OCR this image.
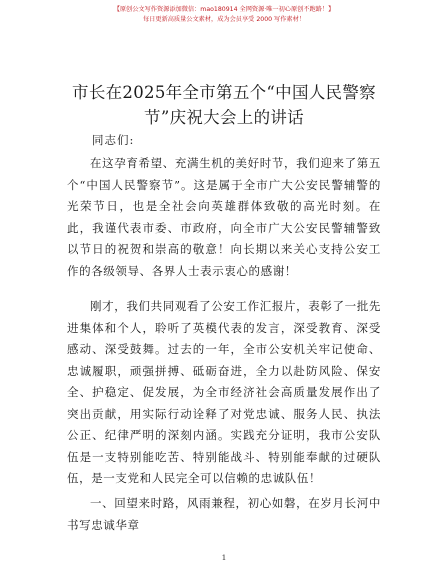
【原创公文写作资源添加微信：mao180914 全网资源·唯一初心原创不跑路！】
每日更新高质量公文素材，成为会员享受 2000 写作素材！
市长在2025年全市第五个“中国人民警察节”庆祝大会上的讲话
同志们:

在这孕育希望、充满生机的美好时节，我们迎来了第五个“中国人民警察节”。这是属于全市广大公安民警辅警的光荣节日，也是全社会向英雄群体致敬的高光时刻。在此，我谨代表市委、市政府，向全市广大公安民警辅警致以节日的祝贺和崇高的敬意！向长期以来关心支持公安工作的各级领导、各界人士表示衷心的感谢！

刚才，我们共同观看了公安工作汇报片，表彰了一批先进集体和个人，聆听了英模代表的发言，深受教育、深受感动、深受鼓舞。过去的一年，全市公安机关牢记使命、忠诚履职，顽强拼搏、砥砺奋进，全力以赴防风险、保安全、护稳定、促发展，为全市经济社会高质量发展作出了突出贡献，用实际行动诠释了对党忠诚、服务人民、执法公正、纪律严明的深刻内涵。实践充分证明，我市公安队伍是一支特别能吃苦、特别能战斗、特别能奉献的过硬队伍，是一支党和人民完全可以信赖的忠诚队伍！

一、回望来时路，风雨兼程，初心如磐，在岁月长河中书写忠诚华章

1
